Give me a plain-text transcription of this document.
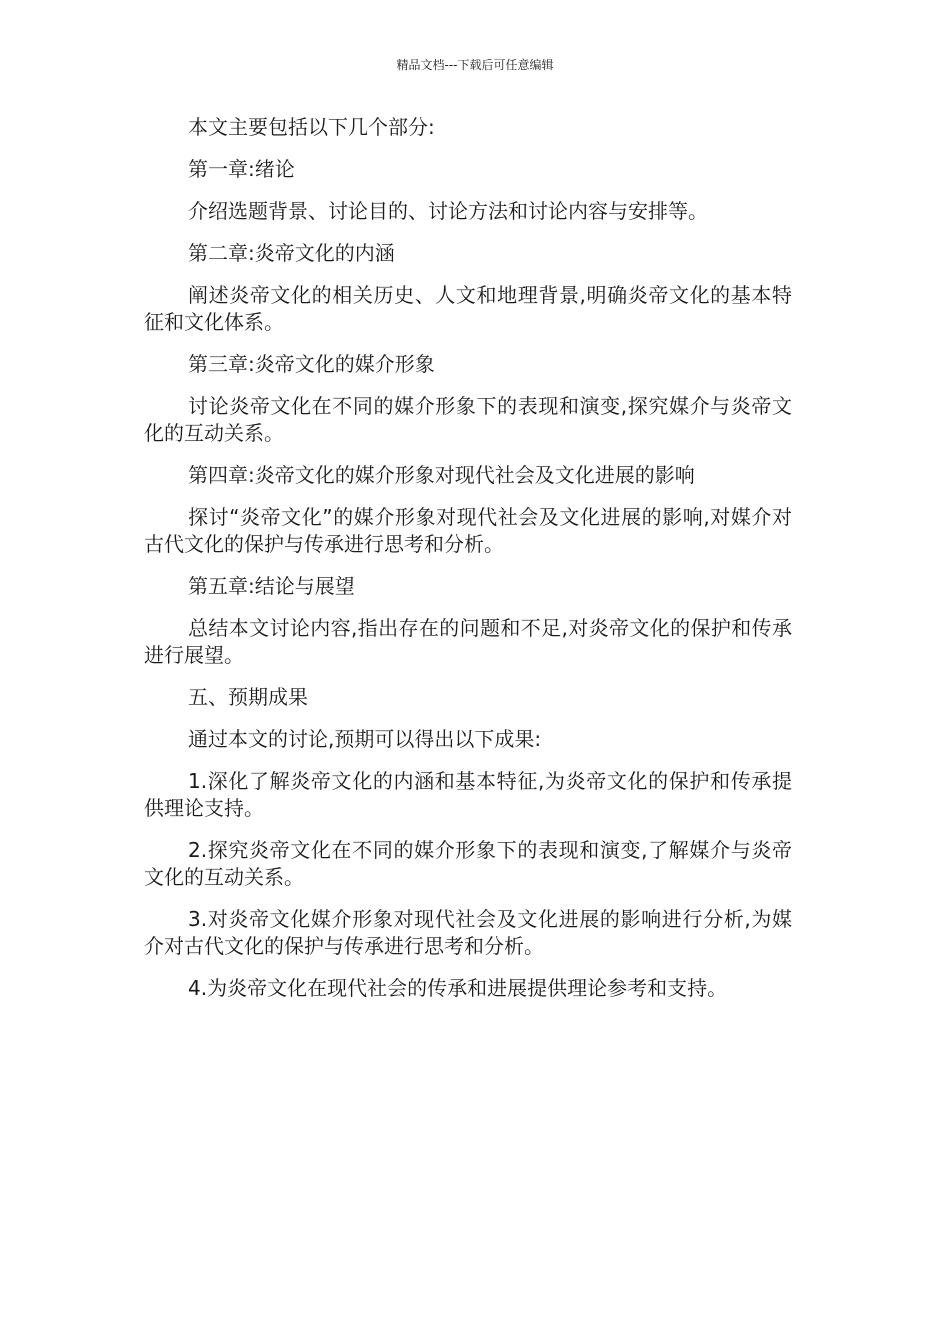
精品文档---下载后可任意编辑

本文主要包括以下几个部分:

第一章:绪论

介绍选题背景、讨论目的、讨论方法和讨论内容与安排等。

第二章:炎帝文化的内涵

阐述炎帝文化的相关历史、人文和地理背景,明确炎帝文化的基本特征和文化体系。

第三章:炎帝文化的媒介形象

讨论炎帝文化在不同的媒介形象下的表现和演变,探究媒介与炎帝文化的互动关系。

第四章:炎帝文化的媒介形象对现代社会及文化进展的影响

探讨“炎帝文化”的媒介形象对现代社会及文化进展的影响,对媒介对古代文化的保护与传承进行思考和分析。

第五章:结论与展望

总结本文讨论内容,指出存在的问题和不足,对炎帝文化的保护和传承进行展望。

五、预期成果

通过本文的讨论,预期可以得出以下成果:

1.深化了解炎帝文化的内涵和基本特征,为炎帝文化的保护和传承提供理论支持。

2.探究炎帝文化在不同的媒介形象下的表现和演变,了解媒介与炎帝文化的互动关系。

3.对炎帝文化媒介形象对现代社会及文化进展的影响进行分析,为媒介对古代文化的保护与传承进行思考和分析。

4.为炎帝文化在现代社会的传承和进展提供理论参考和支持。
